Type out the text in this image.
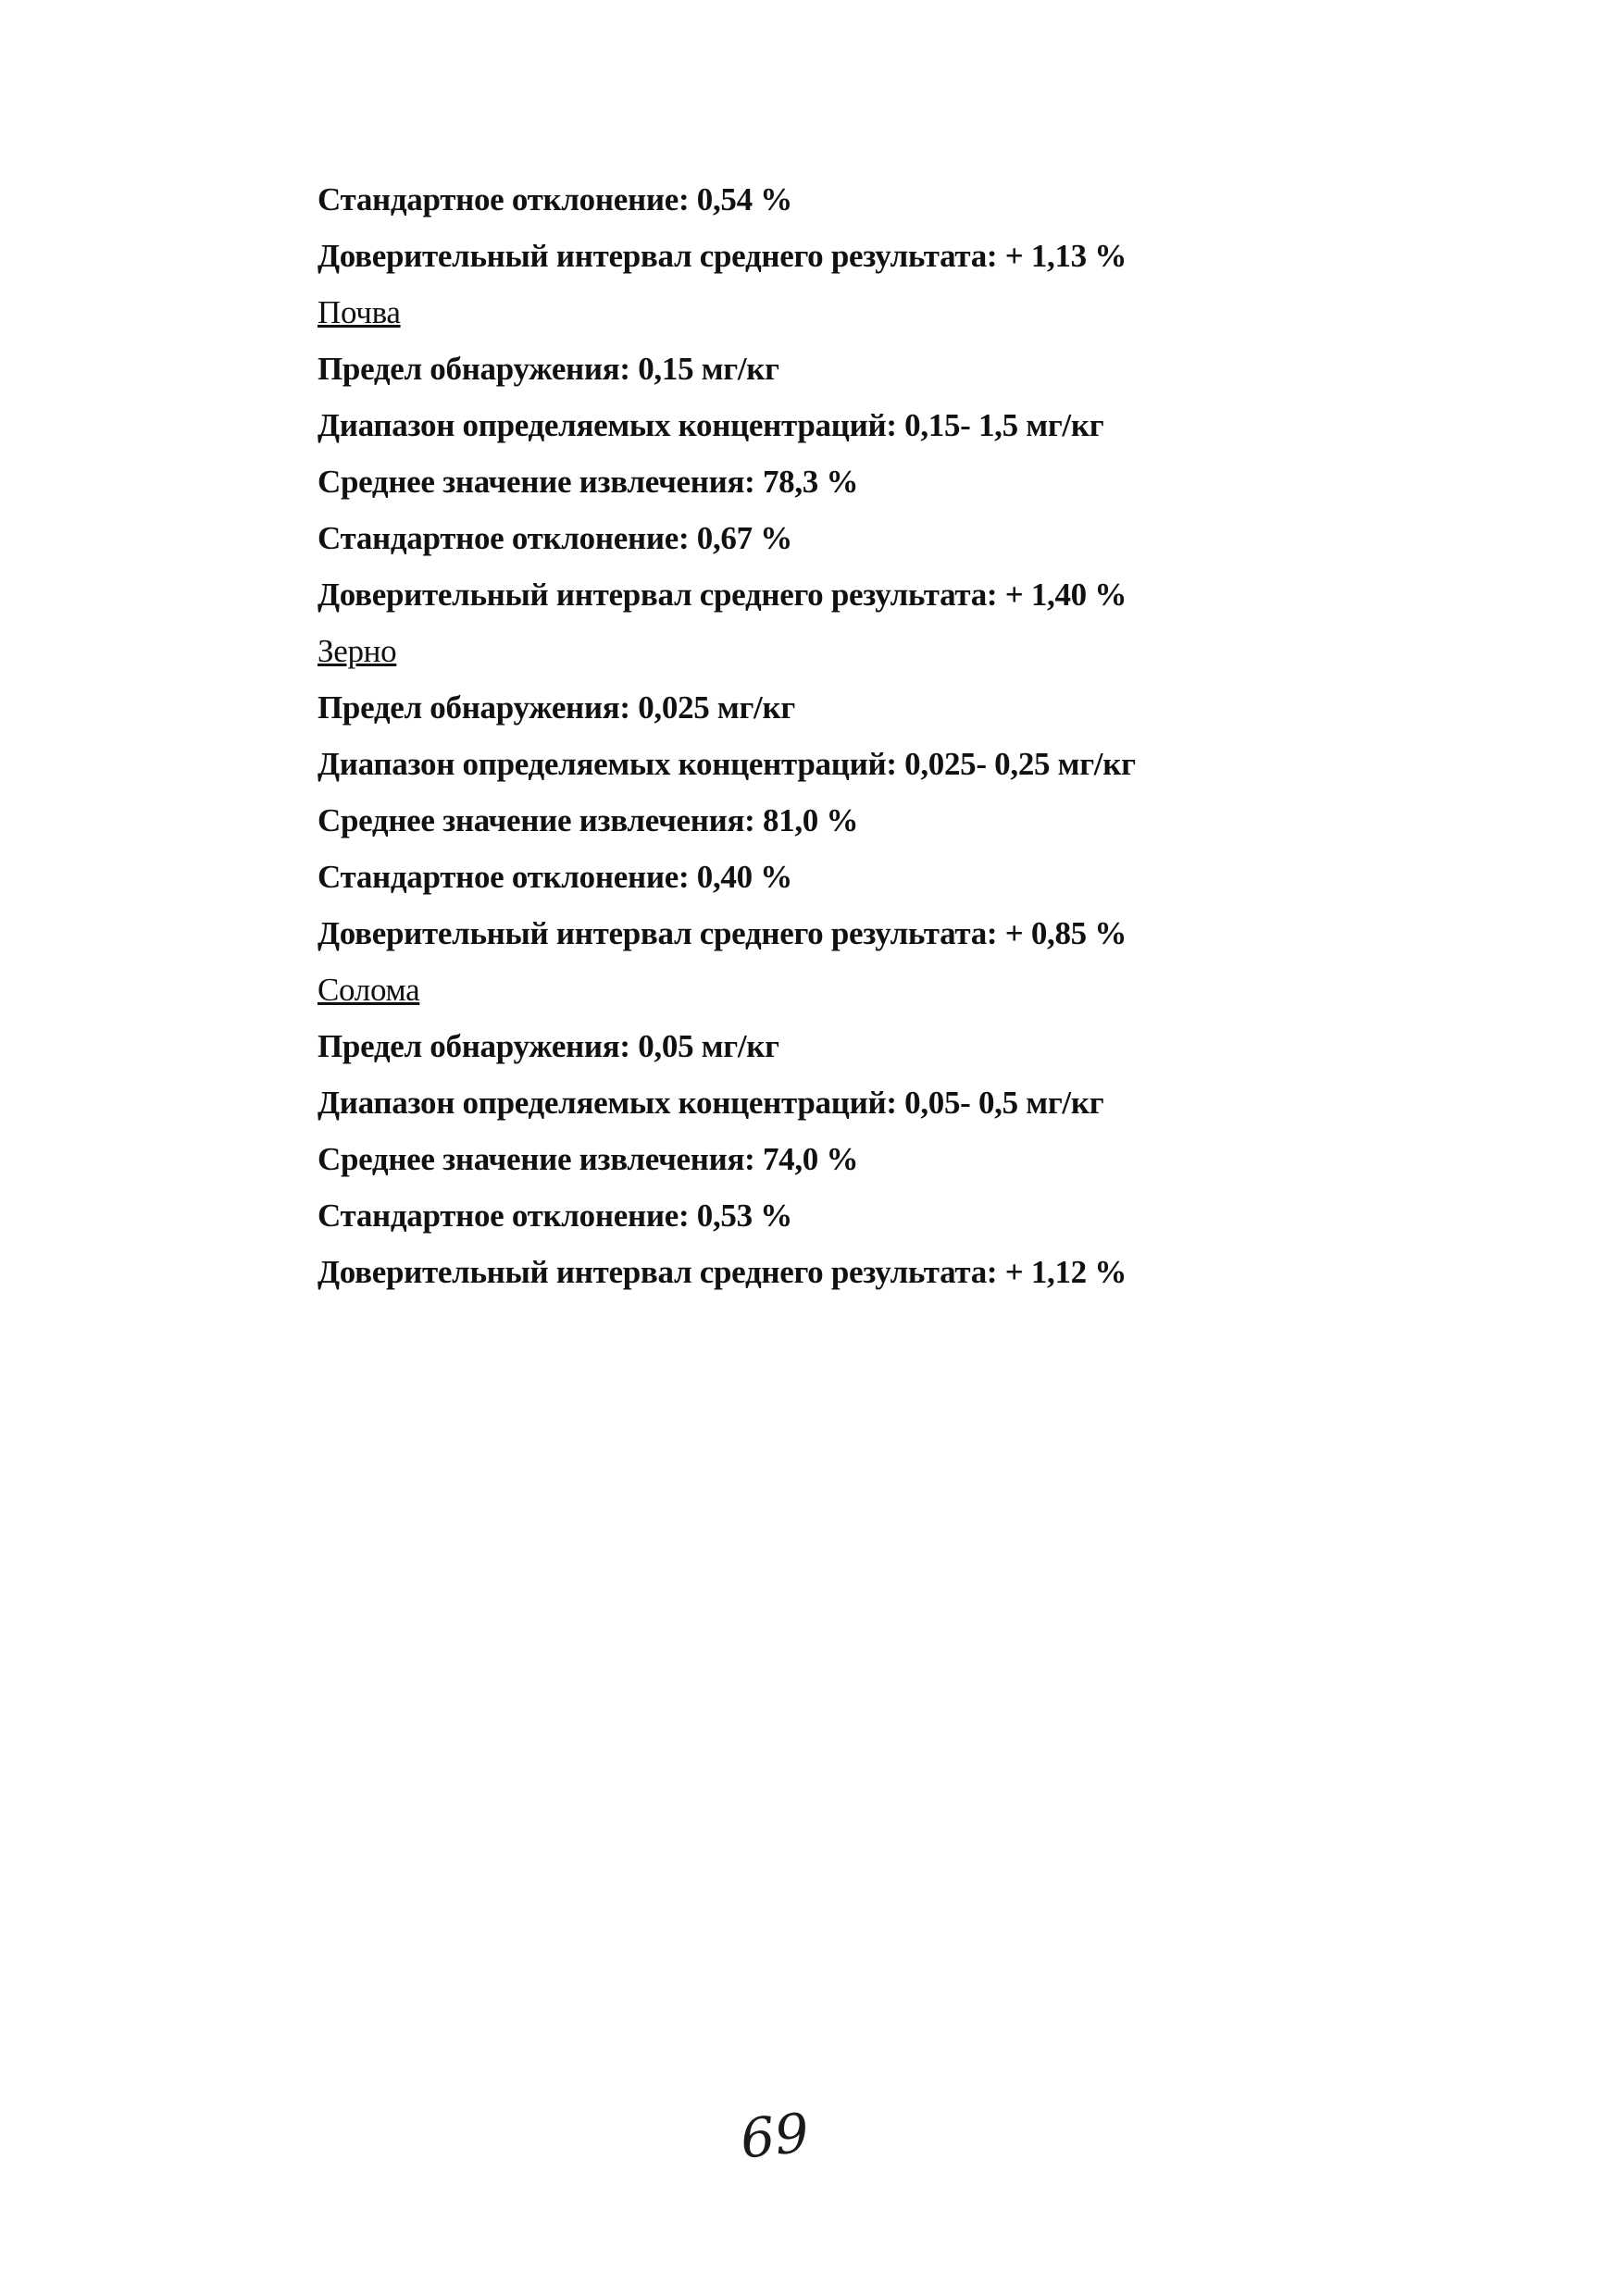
Стандартное отклонение: 0,54 %
Доверительный интервал среднего результата: + 1,13 %
Почва
Предел обнаружения: 0,15 мг/кг
Диапазон определяемых концентраций: 0,15- 1,5 мг/кг
Среднее значение извлечения: 78,3 %
Стандартное отклонение: 0,67 %
Доверительный интервал среднего результата: + 1,40 %
Зерно
Предел обнаружения: 0,025 мг/кг
Диапазон определяемых концентраций: 0,025- 0,25 мг/кг
Среднее значение извлечения: 81,0 %
Стандартное отклонение: 0,40 %
Доверительный интервал среднего результата: + 0,85 %
Солома
Предел обнаружения: 0,05 мг/кг
Диапазон определяемых концентраций: 0,05- 0,5 мг/кг
Среднее значение извлечения: 74,0 %
Стандартное отклонение: 0,53 %
Доверительный интервал среднего результата: + 1,12 %
69
